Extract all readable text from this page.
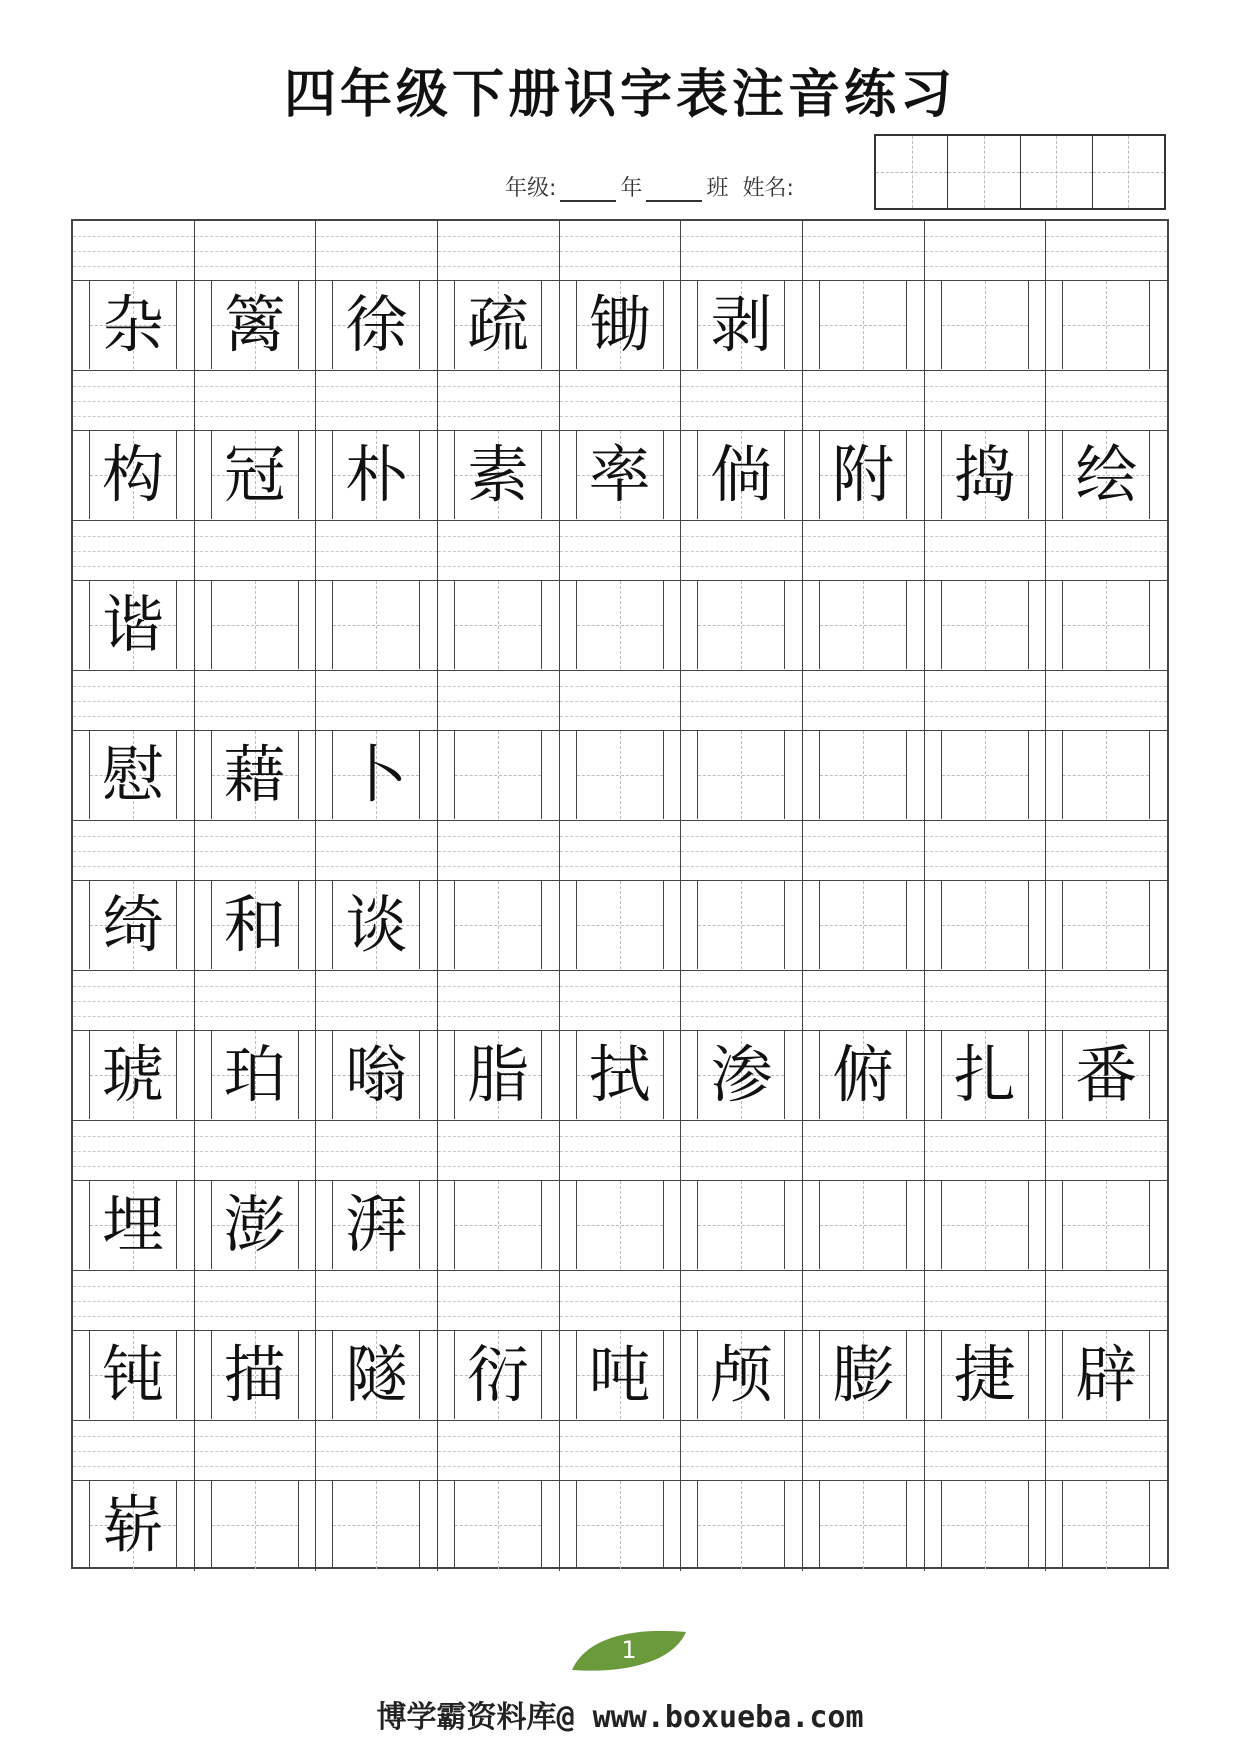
四年级下册识字表注音练习
年级:	年	班 姓名:
杂 篱 徐 疏 锄 剥
构 冠 朴 素 率 倘 附 捣 绘
谐
慰 藉 卜
绮 和 谈
琥 珀 嗡 脂 拭 渗 俯 扎 番
埋 澎 湃
钝 描 隧 衍 吨 颅 膨 捷 辟
崭
1
博学霸资料库@ www.boxueba.com
